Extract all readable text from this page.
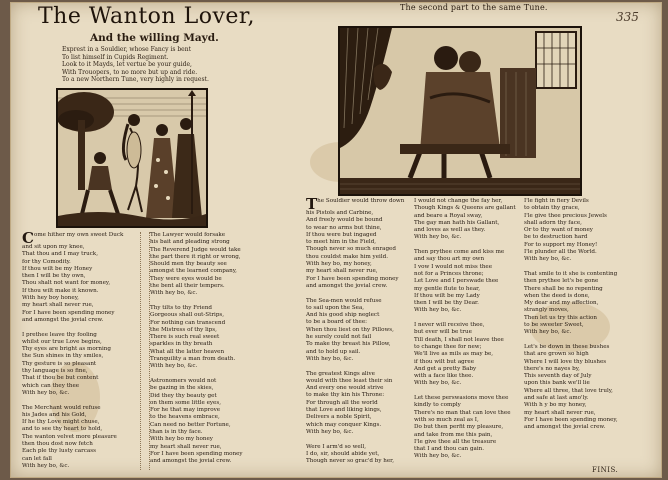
The Wanton Lover,
And the willing Mayd.
Exprest in a Souldier, whose Fancy is bent
To list himself in Cupids Regiment.
Look to it Mayds, let vertue be your guide,
With Trouopers, to no more but up and ride.
To a new Northern Tune, very highly in request.
The second part to the same Tune.
335
Come hither my own sweet Duck
and sit upon my knee,
That thou and I may truck,
for thy Comodity.
If thou wilt be my Honey
then I will be thy own,
Thou shalt not want for money,
If thou wilt make it known.
With hey boy honey,
my heart shall never rue,
For I have been spending money
and amongst the jovial crew.

I prethee leave thy fooling
whilst our true Love begins,
Thy eyes are bright as morning
the Sun shines in thy smiles,
Thy gesture is so pleasant
thy language is so fine,
That if thou be but content
which can they thee
With hey bo, &c.

The Merchant would refuse
his Jades and his Gold,
If he thy Love might chuse,
and to see thy heart to hold,
The wanton velvet more pleasure
then thou dost now fetch
Each ple thy lusty carcass
can let fall
With hey bo, &c.
The Lawyer would forsake
his bait and pleading strong
The Reverend Judge would take
the part there it right or wrong,
Should men thy beauty see
amongst the learned company,
They were eyes would be
the bent all their tempers.
With hey bo, &c.

Thy tilts to thy Friend
Gorgeous shall out-Strips,
For nothing can transcend
the Mistress of thy lips,
There is such real sweet
sparkles in thy breath
What all the latter heaven
Tranquility a man from death.
With hey bo, &c.

Astronomers would not
be gazing in the skies,
Did they thy beauty get
on them some little eyes,
For he that may improve
to the heavens embrace,
Can need no better Fortune,
than is in thy face.
With hey bo my honey
my heart shall never rue,
For I have been spending money
and amongst the jovial crew.
The Souldier would throw down
his Pistols and Carbine,
And freely would be bound
to wear no arms but thine,
If thou were but ingaged
to meet him in the Field,
Though never so much enraged
thou couldst make him yeild.
With hey bo, my honey,
my heart shall never rue,
For I have been spending money
and amongst the jovial crew.

The Sea-men would refuse
to sail upon the Sea,
And his good ship neglect
to be a board of thee:
When thou liest on thy Pillows,
he surely could not fail
To make thy breast his Pillow,
and to hold up sail.
With hey bo, &c.

The greatest Kings alive
would with thee least their sin
And every one would strive
to make thy kin his Throne:
For through all the world
that Love and liking kings,
Delivers a noble Spirit,
which may conquer Kings.
With hey bo, &c.

Were I arm'd so well,
I do, sir, should abide yet,
Though never so grac'd by her,
I would not change the fay her,
Though Kings & Queens are gallant
and beare a Royal sway,
The gay man hath his Gallant,
and loves as well as they.
With hey bo, &c.

Then prythee come and kiss me
and say thou art my own
I vow I would not miss thee
not for a Princes throne;
Let Love and I perswade thee
my gentle flute to hear,
If thou wilt be my Lady
then I will be thy Dear.
With hey bo, &c.

I never will receive thee,
but ever will be true
Till death, I shall not leave thee
to change thee for new;
We'll live as mils as may be,
if thou wilt but agree
And get a pretty Baby
with a face like thee.
With hey bo, &c.

Let these perswasions move thee
kindly to comply
There's no man that can love thee
with so much zeal as I,
Do but then perfit my pleasure,
and take from me this pain,
I'le give thee all the treasure
that I and thou can gain.
With hey bo, &c.
I'le fight in fiery Devils
to obtain thy grace,
I'le give thee precious Jewels
shall adorn thy face,
Or to thy want of money
be to destruction hard
For to support my Honey!
I'le plunder all the World.
With hey bo, &c.

That smile to it she is contenting
then prythee let's be gone
There shall be no repenting
when the deed is done,
My dear and my affection,
strangly moves,
Then let us try this action
to be sweeter Sweet,
With hey bo, &c.

Let's be down in these bushes
that are grown so high
Where I will love thy blushes
there's no nayes by,
This seventh day of July
upon this bank we'll lie
Where all three, that love truly,
and safe at last amo'ly.
With h y bo my honey,
my heart shall never rue,
For I have been spending money,
and amongst the jovial crew.
FINIS.
